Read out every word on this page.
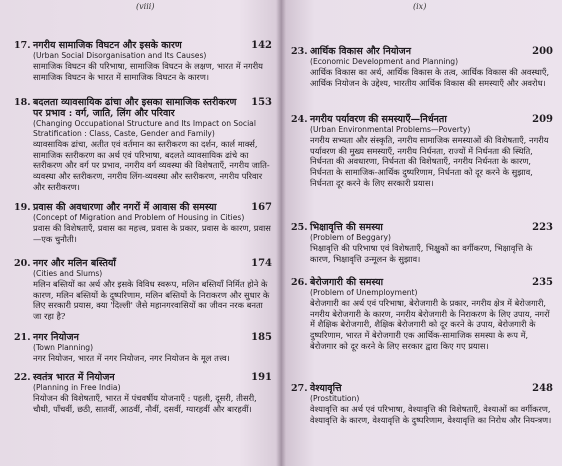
(viii)
17. नगरीय सामाजिक विघटन और इसके कारण	142
(Urban Social Disorganisation and Its Causes)
सामाजिक विघटन की परिभाषा, सामाजिक विघटन के लक्षण, भारत में नगरीय सामाजिक विघटन के भारत में सामाजिक विघटन के कारण।
18. बदलता व्यावसायिक ढांचा और इसका सामाजिक स्तरीकरण पर प्रभाव : वर्ग, जाति, लिंग और परिवार
153
(Changing Occupational Structure and Its Impact on Social Stratification : Class, Caste, Gender and Family)
व्यावसायिक ढांचा, अतीत एवं वर्तमान का स्तरीकरण का दर्शन, कार्ल मार्क्स, सामाजिक स्तरीकरण का अर्थ एवं परिभाषा, बदलते व्यावसायिक ढांचे का स्तरीकरण और वर्ग पर प्रभाव, नगरीय वर्ग व्यवस्था की विशेषताएँ, नगरीय जाति-व्यवस्था और स्तरीकरण, नगरीय लिंग-व्यवस्था और स्तरीकरण, नगरीय परिवार और स्तरीकरण।
19. प्रवास की अवधारणा और नगरों में आवास की समस्या	167
(Concept of Migration and Problem of Housing in Cities)
प्रवास की विशेषताएँ, प्रवास का महत्त्व, प्रवास के प्रकार, प्रवास के कारण, प्रवास—एक चुनौती।
20. नगर और मलिन बस्तियाँ	174
(Cities and Slums)
मलिन बस्तियों का अर्थ और इसके विविध स्वरूप, मलिन बस्तियाँ निर्मित होने के कारण, मलिन बस्तियों के दुष्परिणाम, मलिन बस्तियों के निराकरण और सुधार के लिए सरकारी प्रयास, क्या 'दिल्ली' जैसे महानगरवासियों का जीवन नरक बनता जा रहा है?
21. नगर नियोजन	185
(Town Planning)
नगर नियोजन, भारत में नगर नियोजन, नगर नियोजन के मूल तत्त्व।
22. स्वतंत्र भारत में नियोजन	191
(Planning in Free India)
नियोजन की विशेषताएँ, भारत में पंचवर्षीय योजनाएँ : पहली, दूसरी, तीसरी, चौथी, पाँचवीं, छठी, सातवीं, आठवीं, नौवीं, दसवीं, ग्यारहवीं और बारहवीं।
(ix)
23. आर्थिक विकास और नियोजन	200
(Economic Development and Planning)
आर्थिक विकास का अर्थ, आर्थिक विकास के तत्व, आर्थिक विकास की अवस्थाएँ, आर्थिक नियोजन के उद्देश्य, भारतीय आर्थिक विकास की समस्याएँ और अवरोध।
24. नगरीय पर्यावरण की समस्याएँ—निर्धनता	209
(Urban Environmental Problems—Poverty)
नगरीय सभ्यता और संस्कृति, नगरीय सामाजिक समस्याओं की विशेषताएँ, नगरीय पर्यावरण की मुख्य समस्याएँ, नगरीय निर्धनता, राज्यों में निर्धनता की स्थिति, निर्धनता की अवधारणा, निर्धनता की विशेषताएँ, नगरीय निर्धनता के कारण, निर्धनता के सामाजिक-आर्थिक दुष्परिणाम, निर्धनता को दूर करने के सुझाव, निर्धनता दूर करने के लिए सरकारी प्रयास।
25. भिक्षावृत्ति की समस्या	223
(Problem of Beggary)
भिक्षावृत्ति की परिभाषा एवं विशेषताएँ, भिक्षुकों का वर्गीकरण, भिक्षावृत्ति के कारण, भिक्षावृत्ति उन्मूलन के सुझाव।
26. बेरोजगारी की समस्या	235
(Problem of Unemployment)
बेरोजगारी का अर्थ एवं परिभाषा, बेरोजगारी के प्रकार, नगरीय क्षेत्र में बेरोजगारी, नगरीय बेरोजगारी के कारण, नगरीय बेरोजगारी के निराकरण के लिए उपाय, नगरों में शैक्षिक बेरोजगारी, शैक्षिक बेरोजगारी को दूर करने के उपाय, बेरोजगारी के दुष्परिणाम, भारत में बेरोजगारी एक आर्थिक-सामाजिक समस्या के रूप में, बेरोजगार को दूर करने के लिए सरकार द्वारा किए गए प्रयास।
27. वेश्यावृत्ति	248
(Prostitution)
वेश्यावृत्ति का अर्थ एवं परिभाषा, वेश्यावृत्ति की विशेषताएँ, वेश्याओं का वर्गीकरण, वेश्यावृत्ति के कारण, वेश्यावृत्ति के दुष्परिणाम, वेश्यावृत्ति का निरोध और नियन्त्रण।
